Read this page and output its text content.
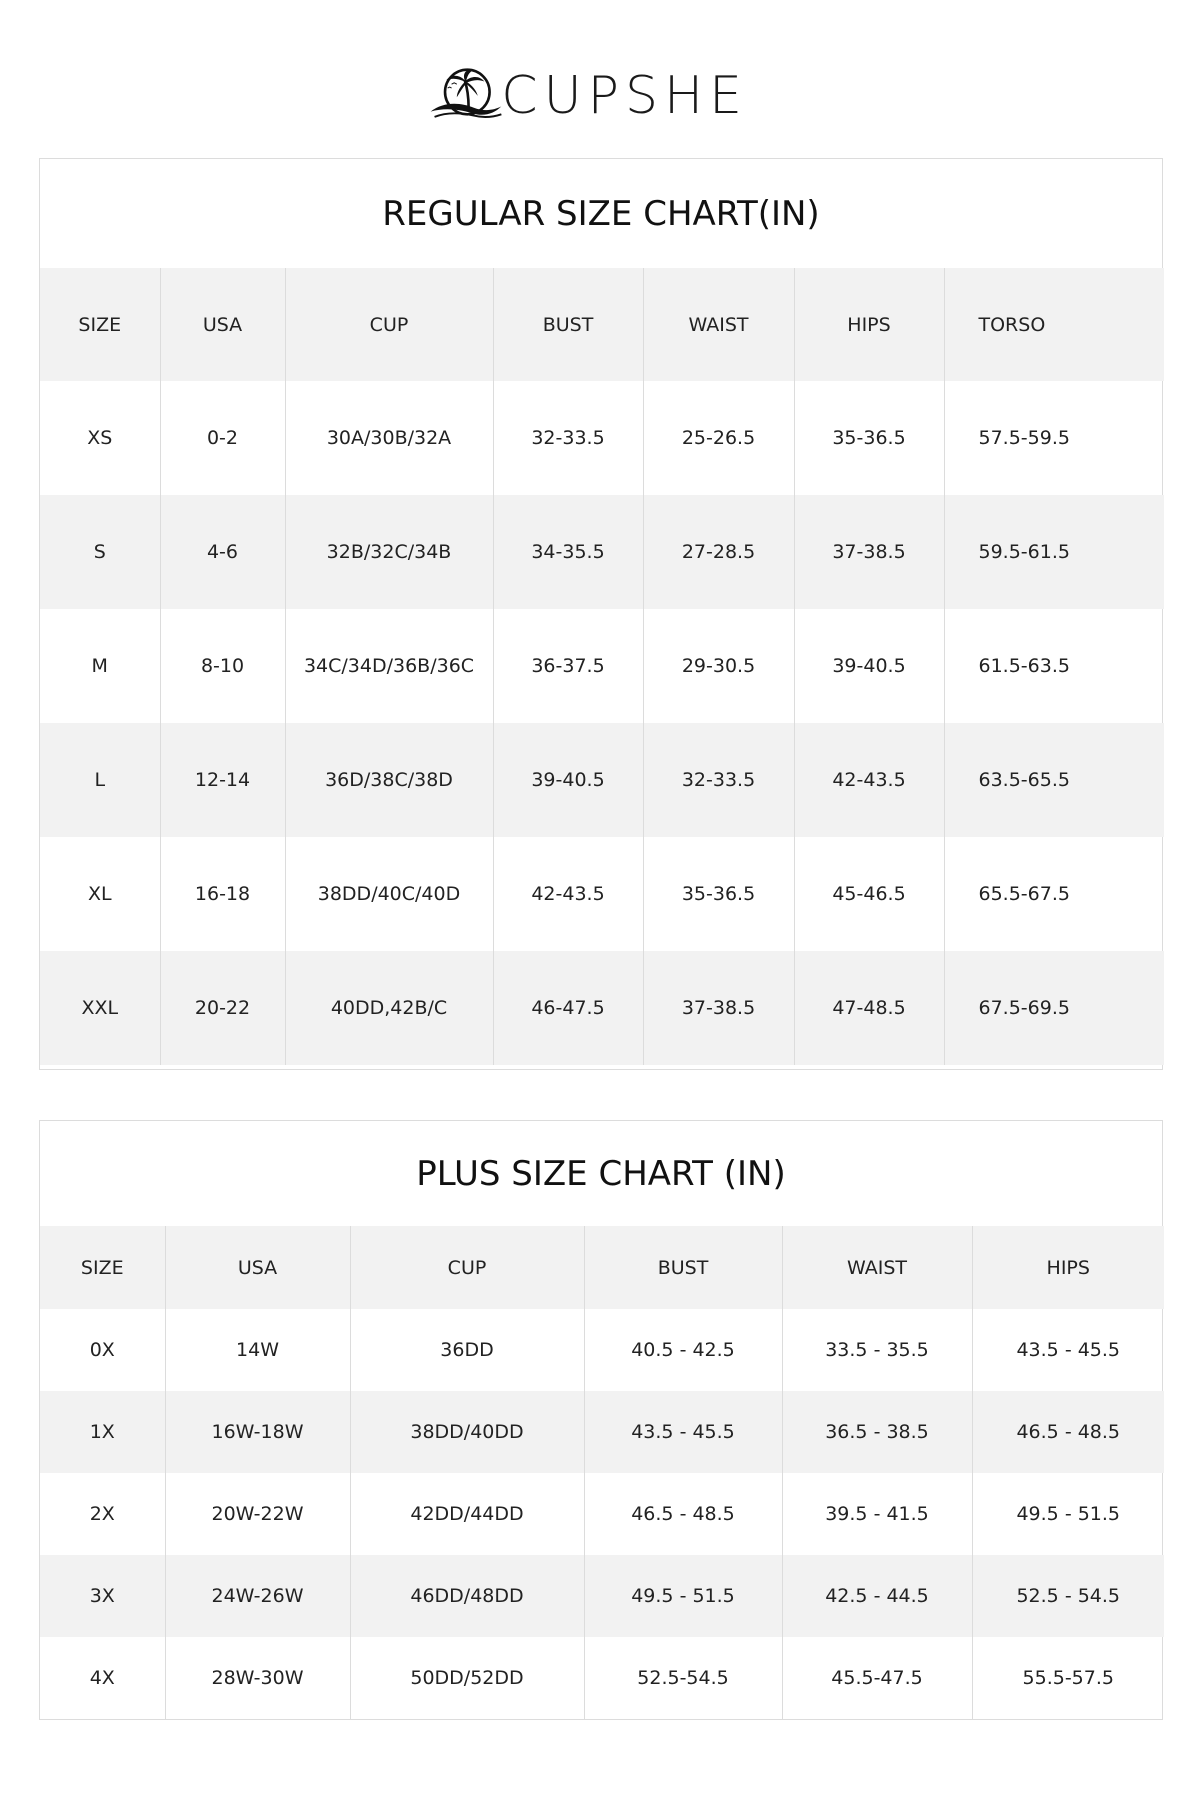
CUPSHE
REGULAR SIZE CHART(IN)
SIZE	USA	CUP	BUST	WAIST	HIPS	TORSO
XS	0-2	30A/30B/32A	32-33.5	25-26.5	35-36.5	57.5-59.5
S	4-6	32B/32C/34B	34-35.5	27-28.5	37-38.5	59.5-61.5
M	8-10	34C/34D/36B/36C	36-37.5	29-30.5	39-40.5	61.5-63.5
L	12-14	36D/38C/38D	39-40.5	32-33.5	42-43.5	63.5-65.5
XL	16-18	38DD/40C/40D	42-43.5	35-36.5	45-46.5	65.5-67.5
XXL	20-22	40DD,42B/C	46-47.5	37-38.5	47-48.5	67.5-69.5
PLUS SIZE CHART (IN)
SIZE	USA	CUP	BUST	WAIST	HIPS
0X	14W	36DD	40.5 - 42.5	33.5 - 35.5	43.5 - 45.5
1X	16W-18W	38DD/40DD	43.5 - 45.5	36.5 - 38.5	46.5 - 48.5
2X	20W-22W	42DD/44DD	46.5 - 48.5	39.5 - 41.5	49.5 - 51.5
3X	24W-26W	46DD/48DD	49.5 - 51.5	42.5 - 44.5	52.5 - 54.5
4X	28W-30W	50DD/52DD	52.5-54.5	45.5-47.5	55.5-57.5
